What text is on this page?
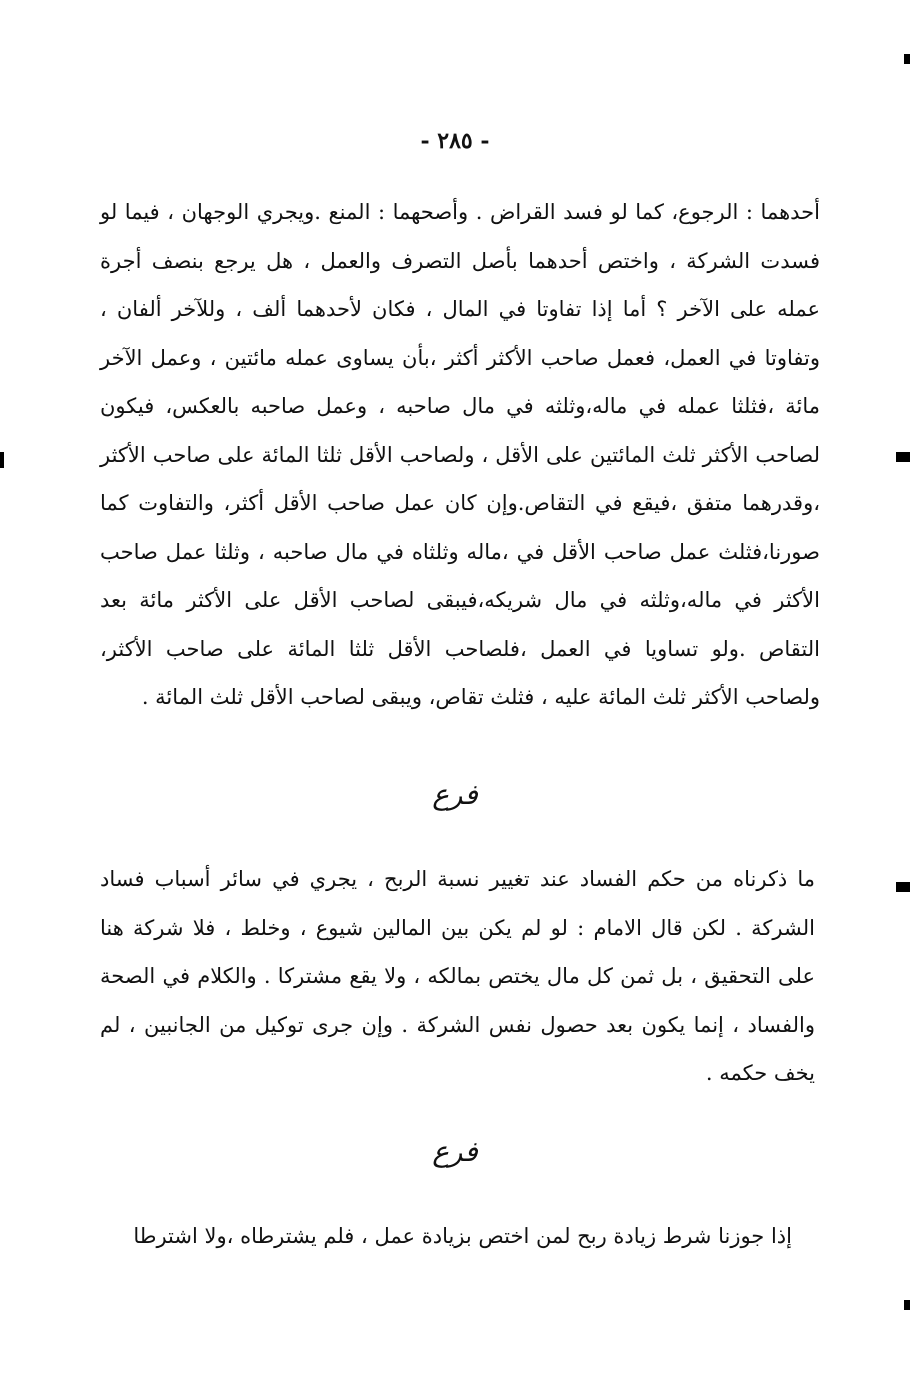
- ٢٨٥ -

أحدهما : الرجوع، كما لو فسد القراض . وأصحهما : المنع .ويجري الوجهان ، فيما لو فسدت الشركة ، واختص أحدهما بأصل التصرف والعمل ، هل يرجع بنصف أجرة عمله على الآخر ؟ أما إذا تفاوتا في المال ، فكان لأحدهما ألف ، وللآخر ألفان ، وتفاوتا في العمل، فعمل صاحب الأكثر أكثر ،بأن يساوى عمله مائتين ، وعمل الآخر مائة ،فثلثا عمله في ماله،وثلثه في مال صاحبه ، وعمل صاحبه بالعكس، فيكون لصاحب الأكثر ثلث المائتين على الأقل ، ولصاحب الأقل ثلثا المائة على صاحب الأكثر ،وقدرهما متفق ،فيقع في التقاص.وإن كان عمل صاحب الأقل أكثر، والتفاوت كما صورنا،فثلث عمل صاحب الأقل في ،ماله وثلثاه في مال صاحبه ، وثلثا عمل صاحب الأكثر في ماله،وثلثه في مال شريكه،فيبقى لصاحب الأقل على الأكثر مائة بعد التقاص .ولو تساويا في العمل ،فلصاحب الأقل ثلثا المائة على صاحب الأكثر، ولصاحب الأكثر ثلث المائة عليه ، فثلث تقاص، ويبقى لصاحب الأقل ثلث المائة .

فرع

ما ذكرناه من حكم الفساد عند تغيير نسبة الربح ، يجري في سائر أسباب فساد الشركة . لكن قال الامام : لو لم يكن بين المالين شيوع ، وخلط ، فلا شركة هنا على التحقيق ، بل ثمن كل مال يختص بمالكه ، ولا يقع مشتركا . والكلام في الصحة والفساد ، إنما يكون بعد حصول نفس الشركة . وإن جرى توكيل من الجانبين ، لم يخف حكمه .

فرع

إذا جوزنا شرط زيادة ربح لمن اختص بزيادة عمل ، فلم يشترطاه ،ولا اشترطا
